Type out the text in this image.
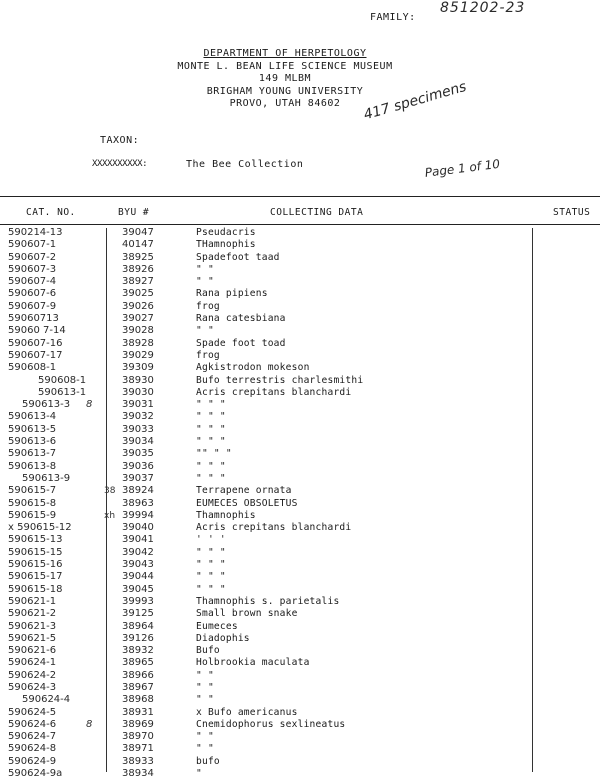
FAMILY:
851202-23
DEPARTMENT OF HERPETOLOGY
MONTE L. BEAN LIFE SCIENCE MUSEUM
149 MLBM
BRIGHAM YOUNG UNIVERSITY
PROVO, UTAH 84602
TAXON:
XXXXXXXXXX:	The Bee Collection
417 specimens
Page 1 of 10
CAT. NO.	BYU #	COLLECTING DATA	STATUS
590214-13	39047	Pseudacris
590607-1	40147	THamnophis
590607-2	38925	Spadefoot taad
590607-3	38926	" "
590607-4	38927	" "
590607-6	39025	Rana pipiens
590607-9	39026	frog
59060713	39027	Rana catesbiana
59060 7-14	39028	" "
590607-16	38928	Spade foot toad
590607-17	39029	frog
590608-1	39309	Agkistrodon mokeson
590608-1	38930	Bufo terrestris charlesmithi
590613-1	39030	Acris crepitans blanchardi
590613-3 8	39031	" " "
590613-4	39032	" " "
590613-5	39033	" " "
590613-6	39034	" " "
590613-7	39035	"" " "
590613-8	39036	" " "
590613-9	39037	" " "
590615-7	38 38924	Terrapene ornata
590615-8	38963	EUMECES OBSOLETUS
590615-9	xh 39994	Thamnophis
x 590615-12	39040	Acris crepitans blanchardi
590615-13	39041	' ' '
590615-15	39042	" " "
590615-16	39043	" " "
590615-17	39044	" " "
590615-18	39045	" " "
590621-1	39993	Thamnophis s. parietalis
590621-2	39125	Small brown snake
590621-3	38964	Eumeces
590621-5	39126	Diadophis
590621-6	38932	Bufo
590624-1	38965	Holbrookia maculata
590624-2	38966	" "
590624-3	38967	" "
590624-4	38968	" "
590624-5	38931	x Bufo americanus
590624-6	8	38969	Cnemidophorus sexlineatus
590624-7	38970	" "
590624-8	38971	" "
590624-9	38933	bufo
590624-9a	38934	"
